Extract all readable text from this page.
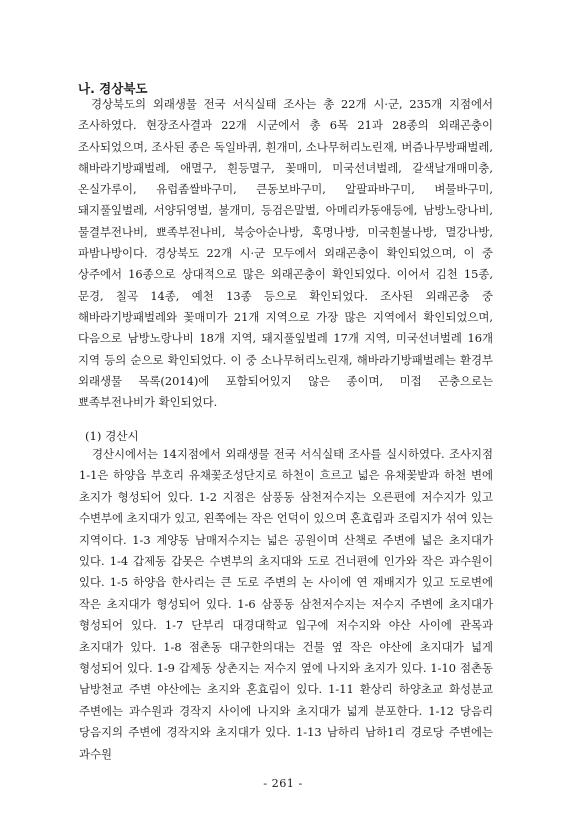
나. 경상북도

경상북도의 외래생물 전국 서식실태 조사는 총 22개 시·군, 235개 지점에서 조사하였다. 현장조사결과 22개 시군에서 총 6목 21과 28종의 외래곤충이 조사되었으며, 조사된 종은 독일바퀴, 흰개미, 소나무허리노린재, 버즘나무방패벌레, 해바라기방패벌레, 애멸구, 흰등멸구, 꽃매미, 미국선녀벌레, 갈색날개매미충, 온실가루이, 유럽좀쌀바구미, 큰동보바구미, 알팔파바구미, 벼물바구미, 돼지풀잎벌레, 서양뒤영벌, 불개미, 등검은말벌, 아메리카동애등에, 남방노랑나비, 물결부전나비, 뾰족부전나비, 북숭아순나방, 혹명나방, 미국흰불나방, 멸강나방, 파밤나방이다. 경상북도 22개 시·군 모두에서 외래곤충이 확인되었으며, 이 중 상주에서 16종으로 상대적으로 많은 외래곤충이 확인되었다. 이어서 김천 15종, 문경, 칠곡 14종, 예천 13종 등으로 확인되었다. 조사된 외래곤충 중 해바라기방패벌레와 꽃매미가 21개 지역으로 가장 많은 지역에서 확인되었으며, 다음으로 남방노랑나비 18개 지역, 돼지풀잎벌레 17개 지역, 미국선녀벌레 16개 지역 등의 순으로 확인되었다. 이 중 소나무허리노린재, 해바라기방패벌레는 환경부 외래생물 목록(2014)에 포함되어있지 않은 종이며, 미접 곤충으로는 뾰족부전나비가 확인되었다.

(1) 경산시

경산시에서는 14지점에서 외래생물 전국 서식실태 조사를 실시하였다. 조사지점 1-1은 하양읍 부호리 유채꽃조성단지로 하천이 흐르고 넓은 유채꽃밭과 하천 변에 초지가 형성되어 있다. 1-2 지점은 삼풍동 삼천저수지는 오른편에 저수지가 있고 수변부에 초지대가 있고, 왼쪽에는 작은 언덕이 있으며 혼효림과 조림지가 섞여 있는 지역이다. 1-3 계양동 남매저수지는 넓은 공원이며 산책로 주변에 넓은 초지대가 있다. 1-4 갑제동 갑못은 수변부의 초지대와 도로 건너편에 인가와 작은 과수원이 있다. 1-5 하양읍 한사리는 큰 도로 주변의 논 사이에 연 재배지가 있고 도로변에 작은 초지대가 형성되어 있다. 1-6 삼풍동 삼천저수지는 저수지 주변에 초지대가 형성되어 있다. 1-7 단부리 대경대학교 입구에 저수지와 야산 사이에 관목과 초지대가 있다. 1-8 점촌동 대구한의대는 건물 옆 작은 야산에 초지대가 넓게 형성되어 있다. 1-9 갑제동 상촌지는 저수지 옆에 나지와 초지가 있다. 1-10 점촌동 남방천교 주변 야산에는 초지와 혼효림이 있다. 1-11 환상리 하양초교 화성분교 주변에는 과수원과 경작지 사이에 나지와 초지대가 넓게 분포한다. 1-12 당음리 당음지의 주변에 경작지와 초지대가 있다. 1-13 남하리 남하1리 경로당 주변에는 과수원

- 261 -
